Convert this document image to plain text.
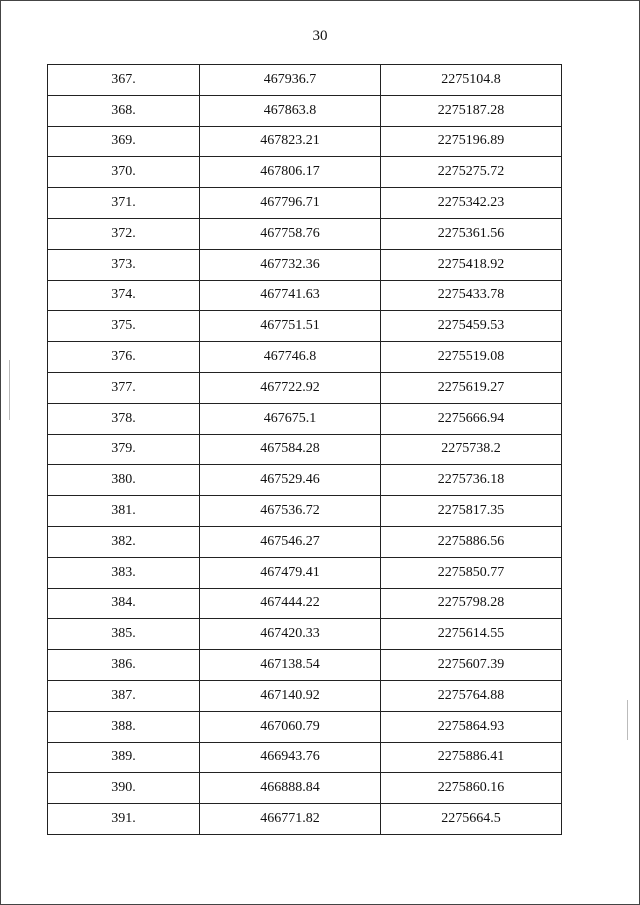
30
367.	467936.7	2275104.8
368.	467863.8	2275187.28
369.	467823.21	2275196.89
370.	467806.17	2275275.72
371.	467796.71	2275342.23
372.	467758.76	2275361.56
373.	467732.36	2275418.92
374.	467741.63	2275433.78
375.	467751.51	2275459.53
376.	467746.8	2275519.08
377.	467722.92	2275619.27
378.	467675.1	2275666.94
379.	467584.28	2275738.2
380.	467529.46	2275736.18
381.	467536.72	2275817.35
382.	467546.27	2275886.56
383.	467479.41	2275850.77
384.	467444.22	2275798.28
385.	467420.33	2275614.55
386.	467138.54	2275607.39
387.	467140.92	2275764.88
388.	467060.79	2275864.93
389.	466943.76	2275886.41
390.	466888.84	2275860.16
391.	466771.82	2275664.5
